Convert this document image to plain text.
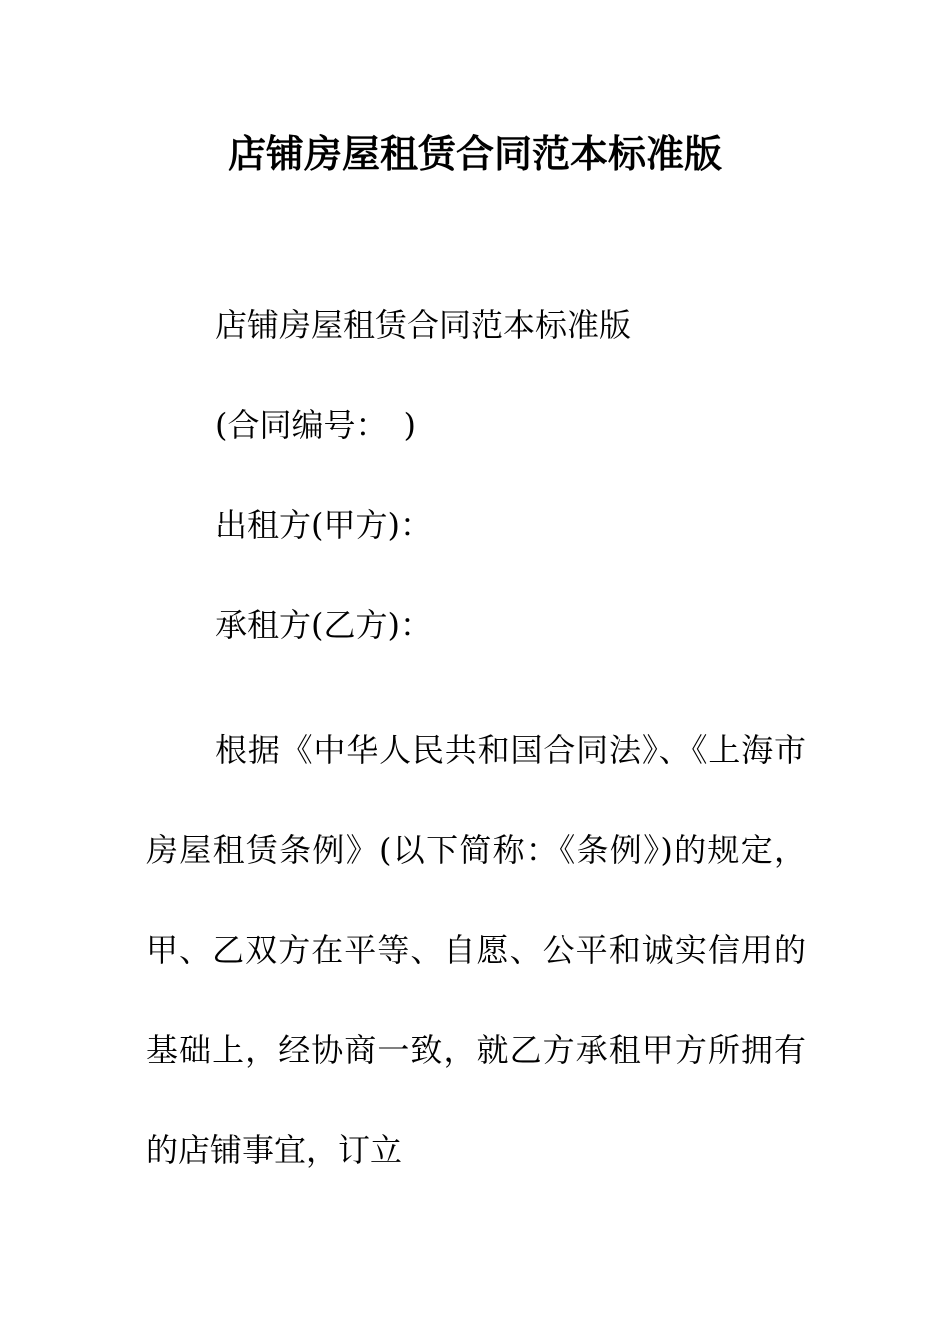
店铺房屋租赁合同范本标准版

店铺房屋租赁合同范本标准版

(合同编号：　)

出租方(甲方)：

承租方(乙方)：

根据《中华人民共和国合同法》、《上海市房屋租赁条例》(以下简称：《条例》)的规定，甲、乙双方在平等、自愿、公平和诚实信用的基础上，经协商一致，就乙方承租甲方所拥有的店铺事宜，订立
